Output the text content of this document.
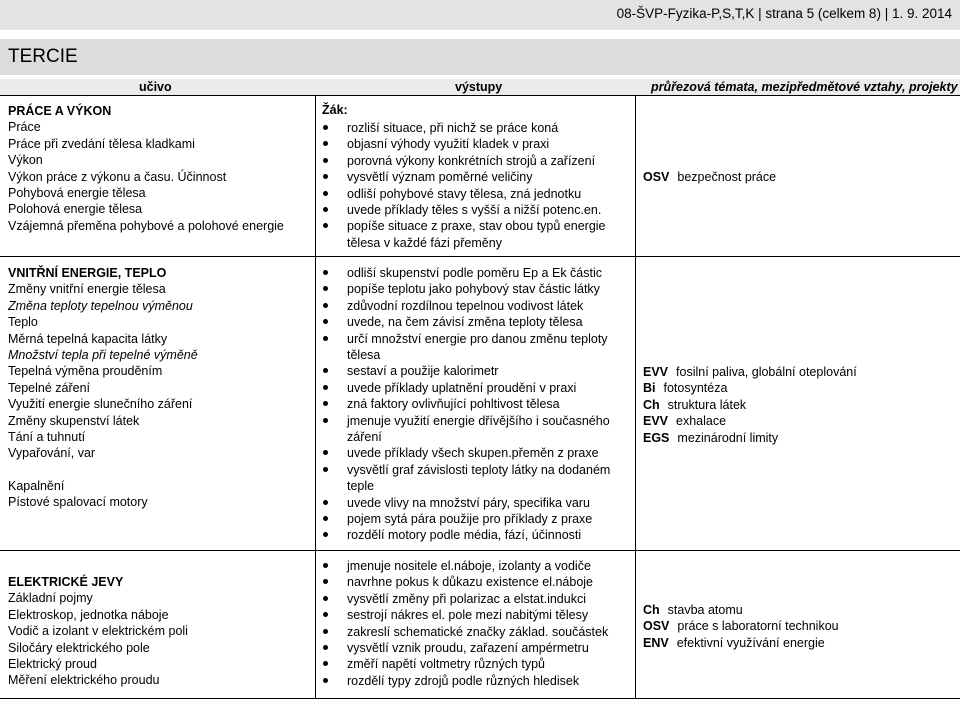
08-ŠVP-Fyzika-P,S,T,K | strana 5 (celkem 8) | 1. 9. 2014
TERCIE
učivo	výstupy	průřezová témata, mezipředmětové vztahy, projekty
PRÁCE A VÝKON
Práce
Práce při zvedání tělesa kladkami
Výkon
Výkon práce z výkonu a času. Účinnost
Pohybová energie tělesa
Polohová energie tělesa
Vzájemná přeměna pohybové a polohové energie
Žák:
rozliší situace, při nichž se práce koná
objasní výhody využití kladek v praxi
porovná výkony konkrétních strojů a zařízení
vysvětlí význam poměrné veličiny
odliší pohybové stavy tělesa, zná jednotku
uvede příklady těles s vyšší a nižší potenc.en.
popíše situace z praxe, stav obou typů energie tělesa v každé fázi přeměny
OSV bezpečnost práce
VNITŘNÍ ENERGIE, TEPLO
Změny vnitřní energie tělesa
Změna teploty tepelnou výměnou
Teplo
Měrná tepelná kapacita látky
Množství tepla při tepelné výměně
Tepelná výměna prouděním
Tepelné záření
Využití energie slunečního záření
Změny skupenství látek
Tání a tuhnutí
Vypařování, var
Kapalnění
Pístové spalovací motory
odliší skupenství podle poměru Ep a Ek částic
popíše teplotu jako pohybový stav částic látky
zdůvodní rozdílnou tepelnou vodivost látek
uvede, na čem závisí změna teploty tělesa
určí množství energie pro danou změnu teploty tělesa
sestaví a použije kalorimetr
uvede příklady uplatnění proudění v praxi
zná faktory ovlivňující pohltivost tělesa
jmenuje využití energie dřívějšího i současného záření
uvede příklady všech skupen.přeměn z praxe
vysvětlí graf závislosti teploty látky na dodaném teple
uvede vlivy na množství páry, specifika varu
pojem sytá pára použije pro příklady z praxe
rozdělí motory podle média, fází, účinnosti
EVV fosilní paliva, globální oteplování
Bi fotosyntéza
Ch struktura látek
EVV exhalace
EGS mezinárodní limity
ELEKTRICKÉ JEVY
Základní pojmy
Elektroskop, jednotka náboje
Vodič a izolant v elektrickém poli
Siločáry elektrického pole
Elektrický proud
Měření elektrického proudu
jmenuje nositele el.náboje, izolanty a vodiče
navrhne pokus k důkazu existence el.náboje
vysvětlí změny při polarizac a elstat.indukci
sestrojí nákres el. pole mezi nabitými tělesy
zakreslí schematické značky základ. součástek
vysvětlí vznik proudu, zařazení ampérmetru
změří napětí voltmetry různých typů
rozdělí typy zdrojů podle různých hledisek
Ch stavba atomu
OSV práce s laboratorní technikou
ENV efektivní využívání energie
